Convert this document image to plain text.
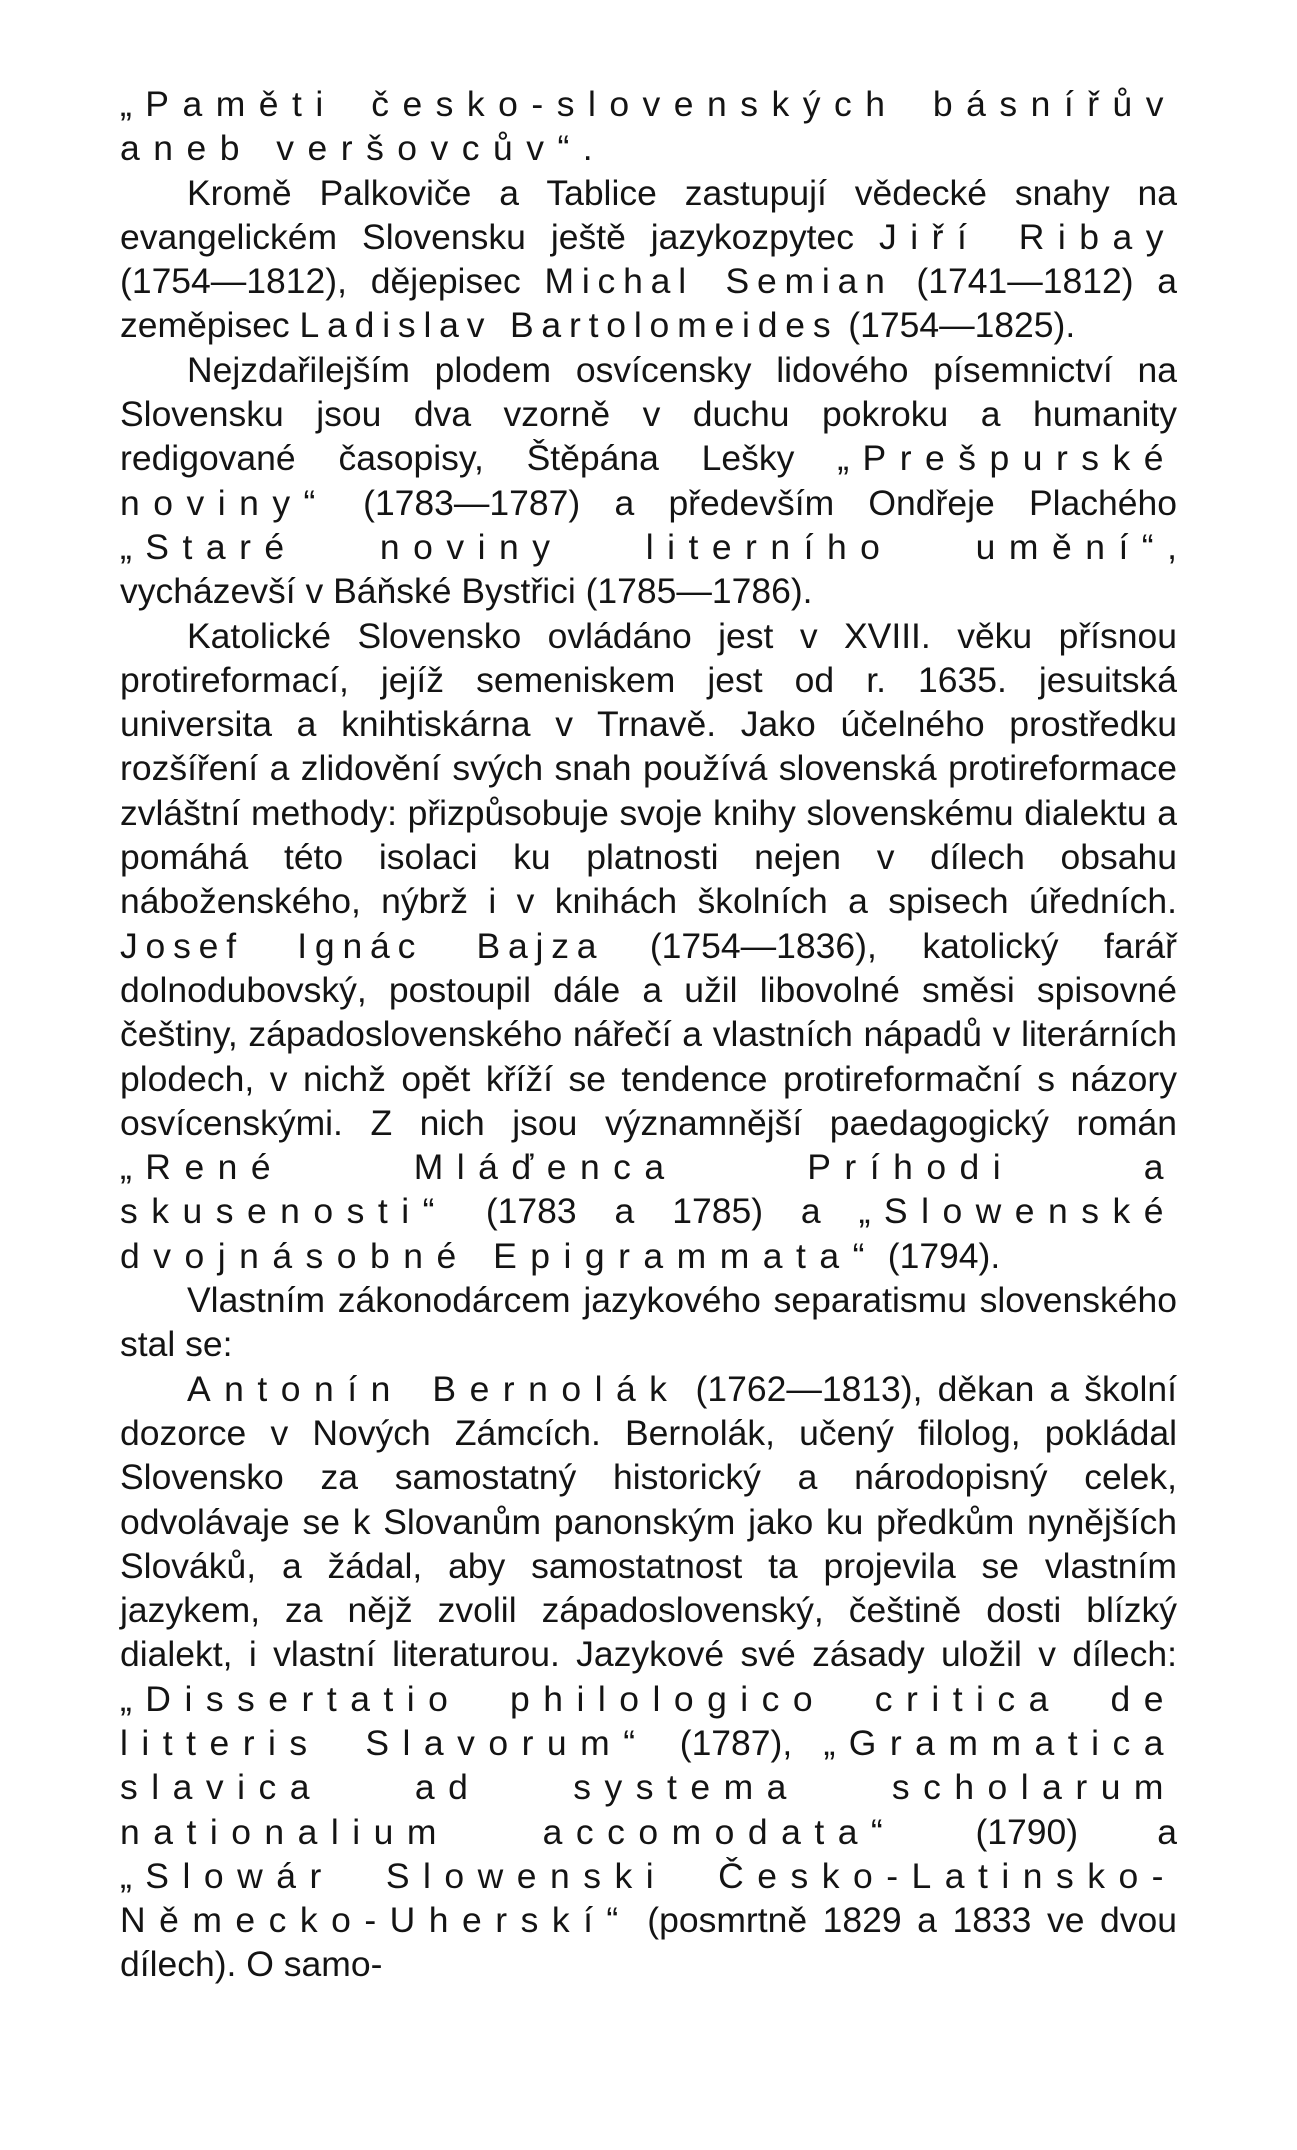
„Paměti česko-slovenských básnířův aneb veršovcův“.

Kromě Palkoviče a Tablice zastupují vědecké snahy na evangelickém Slovensku ještě jazykozpytec Jiří Ribay (1754—1812), dějepisec Michal Semian (1741—1812) a zeměpisec Ladislav Bartolomeides (1754—1825).

Nejzdařilejším plodem osvícensky lidového písemnictví na Slovensku jsou dva vzorně v duchu pokroku a humanity redigované časopisy, Štěpána Lešky „Prešpurské noviny“ (1783—1787) a především Ondřeje Plachého „Staré noviny literního umění“, vycházevší v Báňské Bystřici (1785—1786).

Katolické Slovensko ovládáno jest v XVIII. věku přísnou protireformací, jejíž semeniskem jest od r. 1635. jesuitská universita a knihtiskárna v Trnavě. Jako účelného prostředku rozšíření a zlidovění svých snah používá slovenská protireformace zvláštní methody: přizpůsobuje svoje knihy slovenskému dialektu a pomáhá této isolaci ku platnosti nejen v dílech obsahu náboženského, nýbrž i v knihách školních a spisech úředních. Josef Ignác Bajza (1754—1836), katolický farář dolnodubovský, postoupil dále a užil libovolné směsi spisovné češtiny, západoslovenského nářečí a vlastních nápadů v literárních plodech, v nichž opět kříží se tendence protireformační s názory osvícenskými. Z nich jsou významnější paedagogický román „René Mláďenca Príhodi a skusenosti“ (1783 a 1785) a „Slowenské dvojnásobné Epigrammata“ (1794).

Vlastním zákonodárcem jazykového separatismu slovenského stal se:

Antonín Bernolák (1762—1813), děkan a školní dozorce v Nových Zámcích. Bernolák, učený filolog, pokládal Slovensko za samostatný historický a národopisný celek, odvolávaje se k Slovanům panonským jako ku předkům nynějších Slováků, a žádal, aby samostatnost ta projevila se vlastním jazykem, za nějž zvolil západoslovenský, češtině dosti blízký dialekt, i vlastní literaturou. Jazykové své zásady uložil v dílech: „Dissertatio philologico critica de litteris Slavorum“ (1787), „Grammatica slavica ad systema scholarum nationalium accomodata“ (1790) a „Slowár Slowenski Česko-Latinsko-Německo-Uherskí“ (posmrtně 1829 a 1833 ve dvou dílech). O samo-
